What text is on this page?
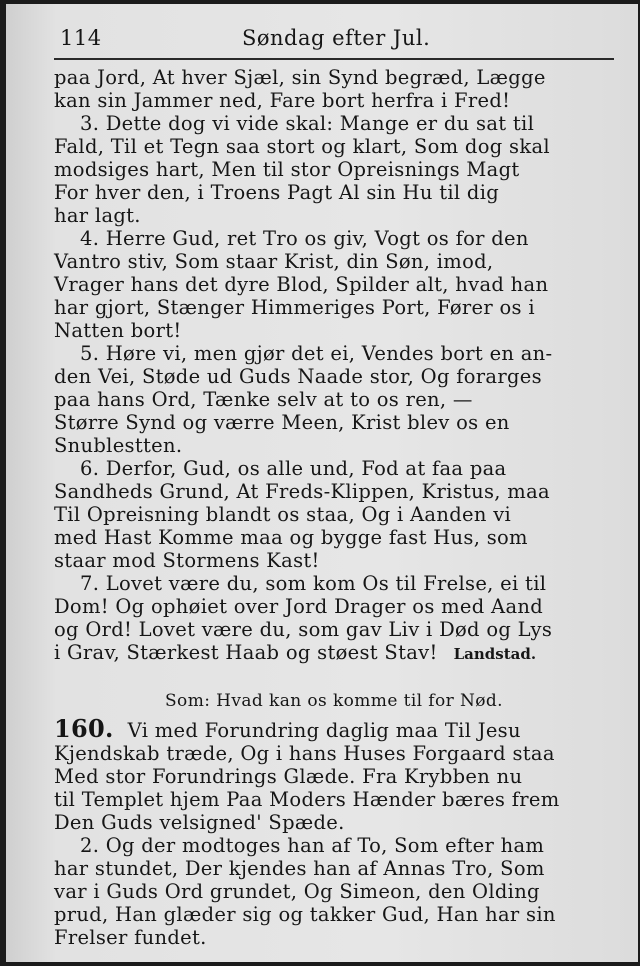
114	Søndag efter Jul.
paa Jord, At hver Sjæl, sin Synd begræd, Lægge
kan sin Jammer ned, Fare bort herfra i Fred!
3. Dette dog vi vide skal: Mange er du sat til
Fald, Til et Tegn saa stort og klart, Som dog skal
modsiges hart, Men til stor Opreisnings Magt
For hver den, i Troens Pagt Al sin Hu til dig
har lagt.
4. Herre Gud, ret Tro os giv, Vogt os for den
Vantro stiv, Som staar Krist, din Søn, imod,
Vrager hans det dyre Blod, Spilder alt, hvad han
har gjort, Stænger Himmeriges Port, Fører os i
Natten bort!
5. Høre vi, men gjør det ei, Vendes bort en an-
den Vei, Støde ud Guds Naade stor, Og forarges
paa hans Ord, Tænke selv at to os ren, —
Større Synd og værre Meen, Krist blev os en
Snublestten.
6. Derfor, Gud, os alle und, Fod at faa paa
Sandheds Grund, At Freds-Klippen, Kristus, maa
Til Opreisning blandt os staa, Og i Aanden vi
med Hast Komme maa og bygge fast Hus, som
staar mod Stormens Kast!
7. Lovet være du, som kom Os til Frelse, ei til
Dom! Og ophøiet over Jord Drager os med Aand
og Ord! Lovet være du, som gav Liv i Død og Lys
i Grav, Stærkest Haab og støest Stav! Landstad.
Som: Hvad kan os komme til for Nød.
160. Vi med Forundring daglig maa Til Jesu
Kjendskab træde, Og i hans Huses Forgaard staa
Med stor Forundrings Glæde. Fra Krybben nu
til Templet hjem Paa Moders Hænder bæres frem
Den Guds velsigned' Spæde.
2. Og der modtoges han af To, Som efter ham
har stundet, Der kjendes han af Annas Tro, Som
var i Guds Ord grundet, Og Simeon, den Olding
prud, Han glæder sig og takker Gud, Han har sin
Frelser fundet.
